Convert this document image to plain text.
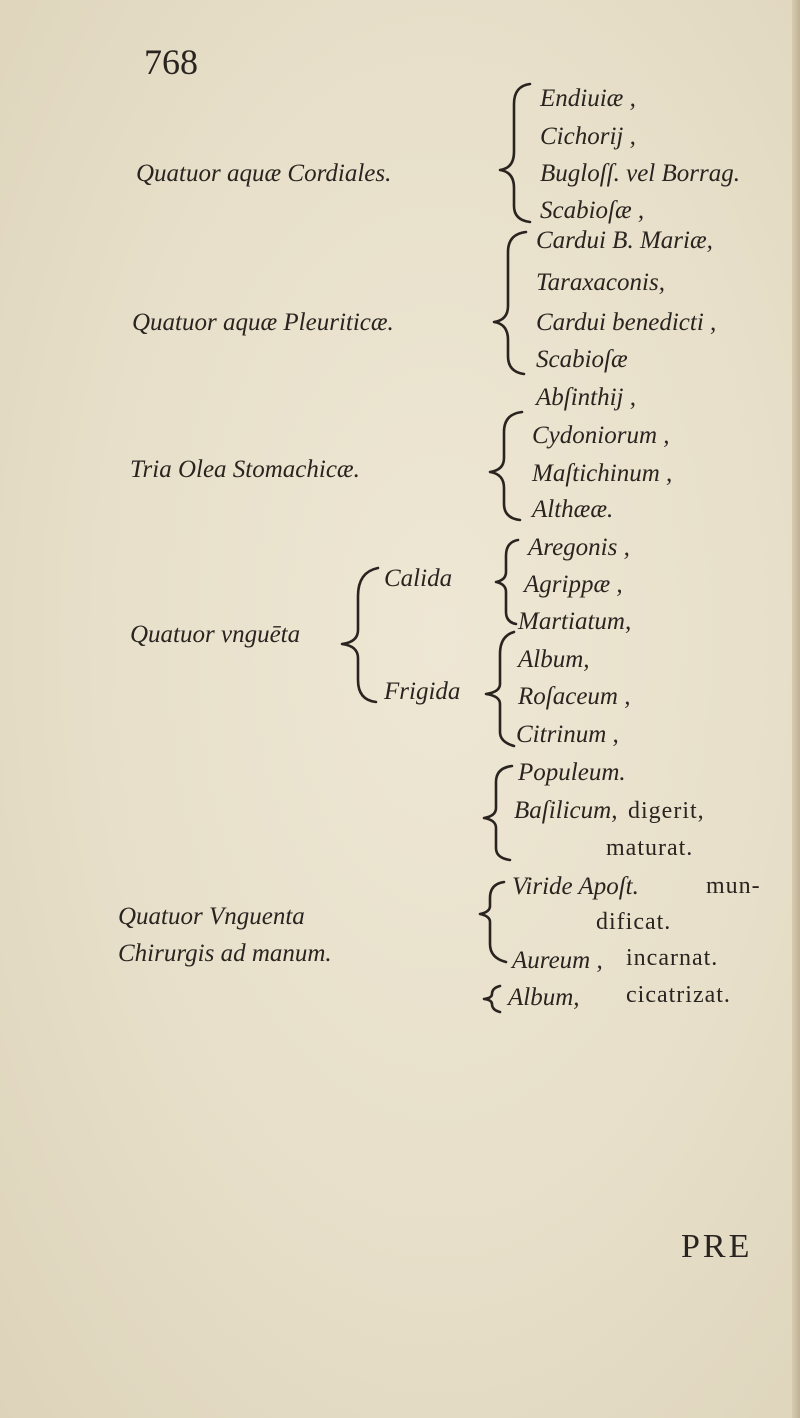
768
Quatuor aquæ Cordiales.
Endiuiæ ,
Cichorij ,
Bugloſſ. vel Borrag.
Scabioſæ ,
Quatuor aquæ Pleuriticæ.
Cardui B. Mariæ,
Taraxaconis,
Cardui benedicti ,
Scabioſæ
Tria Olea Stomachicæ.
Abſinthij ,
Cydoniorum ,
Maſtichinum ,
Althææ.
Quatuor vnguēta
Calida
Frigida
Aregonis ,
Agrippæ ,
Martiatum,
Album,
Roſaceum ,
Citrinum ,
Quatuor Vnguenta
Chirurgis ad manum.
Populeum.
Baſilicum, digerit,
maturat.
Viride Apoſt.	mun-
dificat.
Aureum , incarnat.
Album, cicatrizat.
PRE
